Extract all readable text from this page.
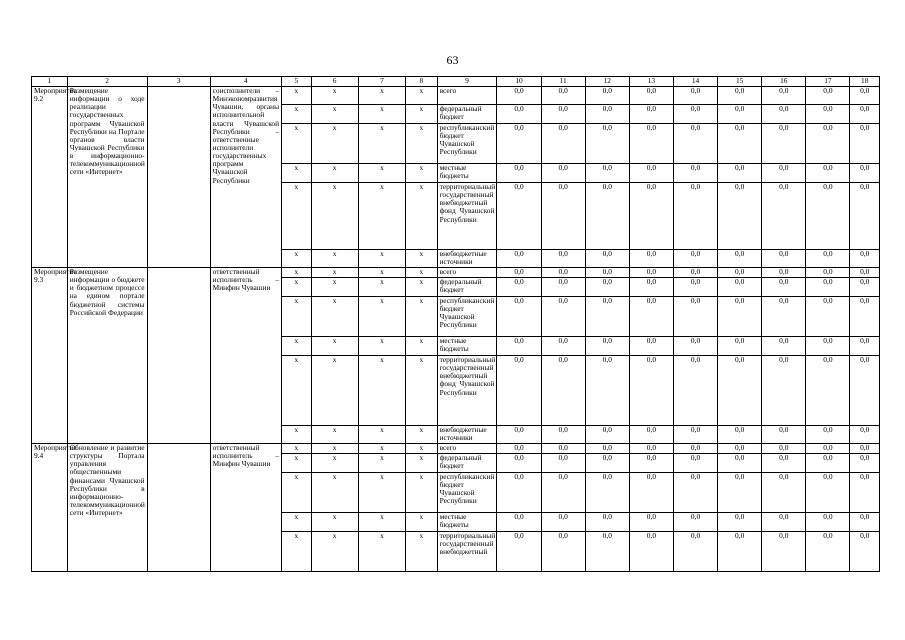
63
1	2	3	4	5	6	7	8	9	10	11	12	13	14	15	16	17	18
Мероприятие 9.2	Размещение информации о ходе реализации государственных программ Чувашской Республики на Портале органов власти Чувашской Республики в информационно-телекоммуникационной сети «Интернет»		соисполнители – Минэкономразвития Чувашии, органы исполнительной власти Чувашской Республики – ответственные исполнители государственных программ Чувашской Республики	x	x	x	x	всего	0,0	0,0	0,0	0,0	0,0	0,0	0,0	0,0	0,0
				x	x	x	x	федеральный бюджет	0,0	0,0	0,0	0,0	0,0	0,0	0,0	0,0	0,0
				x	x	x	x	республиканский бюджет Чувашской Республики	0,0	0,0	0,0	0,0	0,0	0,0	0,0	0,0	0,0
				x	x	x	x	местные бюджеты	0,0	0,0	0,0	0,0	0,0	0,0	0,0	0,0	0,0
				x	x	x	x	территориальный государственный внебюджетный фонд Чувашской Республики	0,0	0,0	0,0	0,0	0,0	0,0	0,0	0,0	0,0
				x	x	x	x	внебюджетные источники	0,0	0,0	0,0	0,0	0,0	0,0	0,0	0,0	0,0
Мероприятие 9.3	Размещение информации о бюджете и бюджетном процессе на едином портале бюджетной системы Российской Федерации		ответственный исполнитель – Минфин Чувашии	x	x	x	x	всего	0,0	0,0	0,0	0,0	0,0	0,0	0,0	0,0	0,0
				x	x	x	x	федеральный бюджет	0,0	0,0	0,0	0,0	0,0	0,0	0,0	0,0	0,0
				x	x	x	x	республиканский бюджет Чувашской Республики	0,0	0,0	0,0	0,0	0,0	0,0	0,0	0,0	0,0
				x	x	x	x	местные бюджеты	0,0	0,0	0,0	0,0	0,0	0,0	0,0	0,0	0,0
				x	x	x	x	территориальный государственный внебюджетный фонд Чувашской Республики	0,0	0,0	0,0	0,0	0,0	0,0	0,0	0,0	0,0
				x	x	x	x	внебюджетные источники	0,0	0,0	0,0	0,0	0,0	0,0	0,0	0,0	0,0
Мероприятие 9.4	Обновление и развитие структуры Портала управления общественными финансами Чувашской Республики в информационно-телекоммуникационной сети «Интернет»		ответственный исполнитель – Минфин Чувашии	x	x	x	x	всего	0,0	0,0	0,0	0,0	0,0	0,0	0,0	0,0	0,0
				x	x	x	x	федеральный бюджет	0,0	0,0	0,0	0,0	0,0	0,0	0,0	0,0	0,0
				x	x	x	x	республиканский бюджет Чувашской Республики	0,0	0,0	0,0	0,0	0,0	0,0	0,0	0,0	0,0
				x	x	x	x	местные бюджеты	0,0	0,0	0,0	0,0	0,0	0,0	0,0	0,0	0,0
				x	x	x	x	территориальный государственный внебюджетный	0,0	0,0	0,0	0,0	0,0	0,0	0,0	0,0	0,0
